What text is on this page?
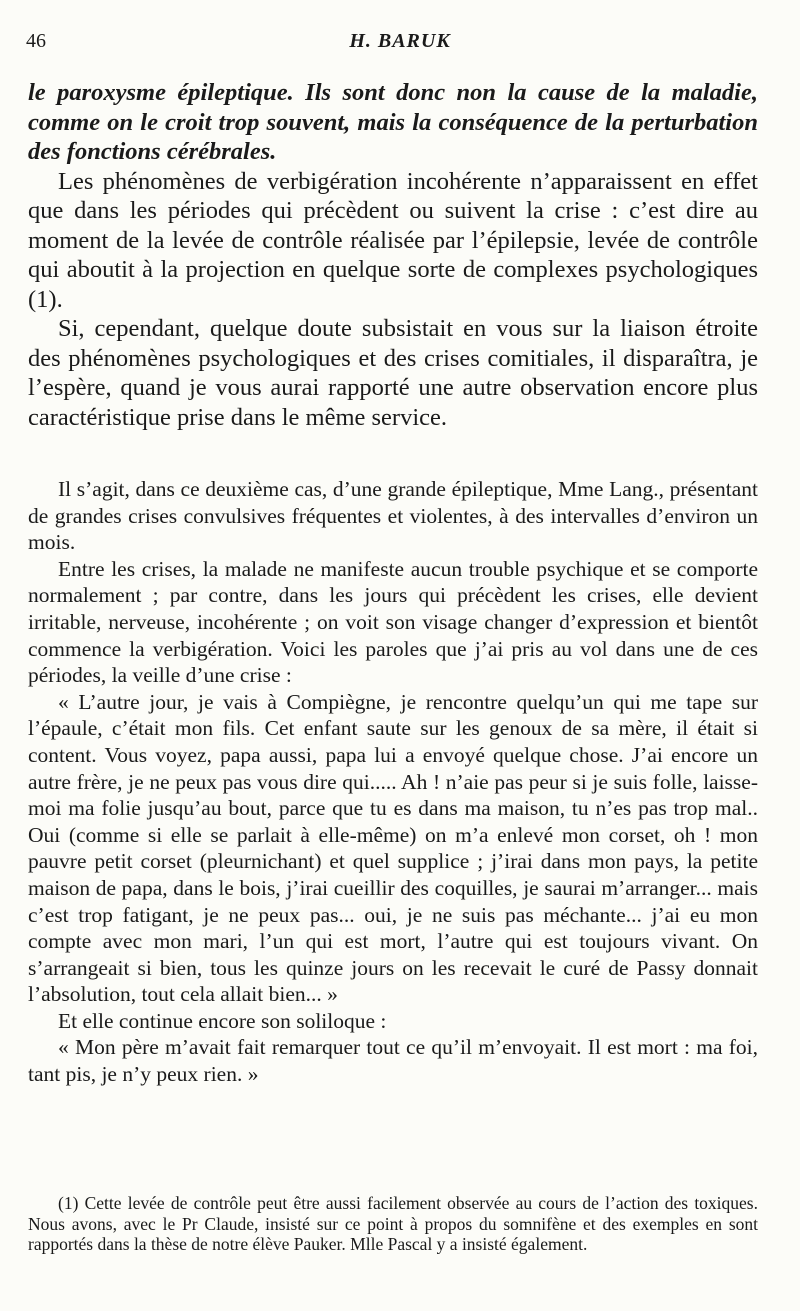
46	H. BARUK

le paroxysme épileptique. Ils sont donc non la cause de la maladie, comme on le croit trop souvent, mais la conséquence de la perturbation des fonctions cérébrales.

Les phénomènes de verbigération incohérente n’apparaissent en effet que dans les périodes qui précèdent ou suivent la crise : c’est dire au moment de la levée de contrôle réalisée par l’épilepsie, levée de contrôle qui aboutit à la projection en quelque sorte de complexes psychologiques (1).

Si, cependant, quelque doute subsistait en vous sur la liaison étroite des phénomènes psychologiques et des crises comitiales, il disparaîtra, je l’espère, quand je vous aurai rapporté une autre observation encore plus caractéristique prise dans le même service.

Il s’agit, dans ce deuxième cas, d’une grande épileptique, Mme Lang., présentant de grandes crises convulsives fréquentes et violentes, à des intervalles d’environ un mois.

Entre les crises, la malade ne manifeste aucun trouble psychique et se comporte normalement ; par contre, dans les jours qui précèdent les crises, elle devient irritable, nerveuse, incohérente ; on voit son visage changer d’expression et bientôt commence la verbigération. Voici les paroles que j’ai pris au vol dans une de ces périodes, la veille d’une crise :

« L’autre jour, je vais à Compiègne, je rencontre quelqu’un qui me tape sur l’épaule, c’était mon fils. Cet enfant saute sur les genoux de sa mère, il était si content. Vous voyez, papa aussi, papa lui a envoyé quelque chose. J’ai encore un autre frère, je ne peux pas vous dire qui..... Ah ! n’aie pas peur si je suis folle, laisse-moi ma folie jusqu’au bout, parce que tu es dans ma maison, tu n’es pas trop mal.. Oui (comme si elle se parlait à elle-même) on m’a enlevé mon corset, oh ! mon pauvre petit corset (pleurnichant) et quel supplice ; j’irai dans mon pays, la petite maison de papa, dans le bois, j’irai cueillir des coquilles, je saurai m’arranger... mais c’est trop fatigant, je ne peux pas... oui, je ne suis pas méchante... j’ai eu mon compte avec mon mari, l’un qui est mort, l’autre qui est toujours vivant. On s’arrangeait si bien, tous les quinze jours on les recevait le curé de Passy donnait l’absolution, tout cela allait bien... »

Et elle continue encore son soliloque :

« Mon père m’avait fait remarquer tout ce qu’il m’envoyait. Il est mort : ma foi, tant pis, je n’y peux rien. »

(1) Cette levée de contrôle peut être aussi facilement observée au cours de l’action des toxiques. Nous avons, avec le Pr Claude, insisté sur ce point à propos du somnifène et des exemples en sont rapportés dans la thèse de notre élève Pauker. Mlle Pascal y a insisté également.
